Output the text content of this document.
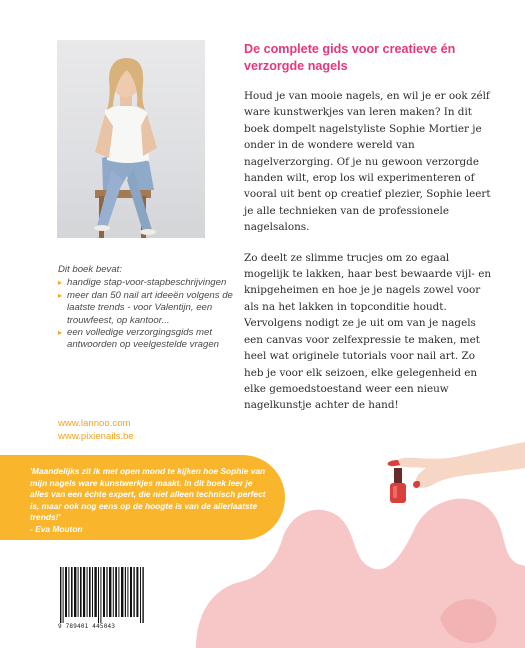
Dit boek bevat:
▸ handige stap-voor-stapbeschrijvingen
▸ meer dan 50 nail art ideeën volgens de laatste trends - voor Valentijn, een trouwfeest, op kantoor...
▸ een volledige verzorgingsgids met antwoorden op veelgestelde vragen
www.lannoo.com
www.pixienails.be
De complete gids voor creatieve én verzorgde nagels

Houd je van mooie nagels, en wil je er ook zélf ware kunstwerkjes van leren maken? In dit boek dompelt nagelstyliste Sophie Mortier je onder in de wondere wereld van nagelverzorging. Of je nu gewoon verzorgde handen wilt, erop los wil experimenteren of vooral uit bent op creatief plezier, Sophie leert je alle technieken van de professionele nagelsalons.

Zo deelt ze slimme trucjes om zo egaal mogelijk te lakken, haar best bewaarde vijl- en knipgeheimen en hoe je je nagels zowel voor als na het lakken in topconditie houdt. Vervolgens nodigt ze je uit om van je nagels een canvas voor zelfexpressie te maken, met heel wat originele tutorials voor nail art. Zo heb je voor elk seizoen, elke gelegenheid en elke gemoedstoestand weer een nieuw nagelkunstje achter de hand!

'Maandelijks zit ik met open mond te kijken hoe Sophie van mijn nagels ware kunstwerkjes maakt. In dit boek leer je alles van een échte expert, die niet alleen technisch perfect is, maar ook nog eens op de hoogte is van de allerlaatste trends!'
- Eva Mouton
9 789401 445043
